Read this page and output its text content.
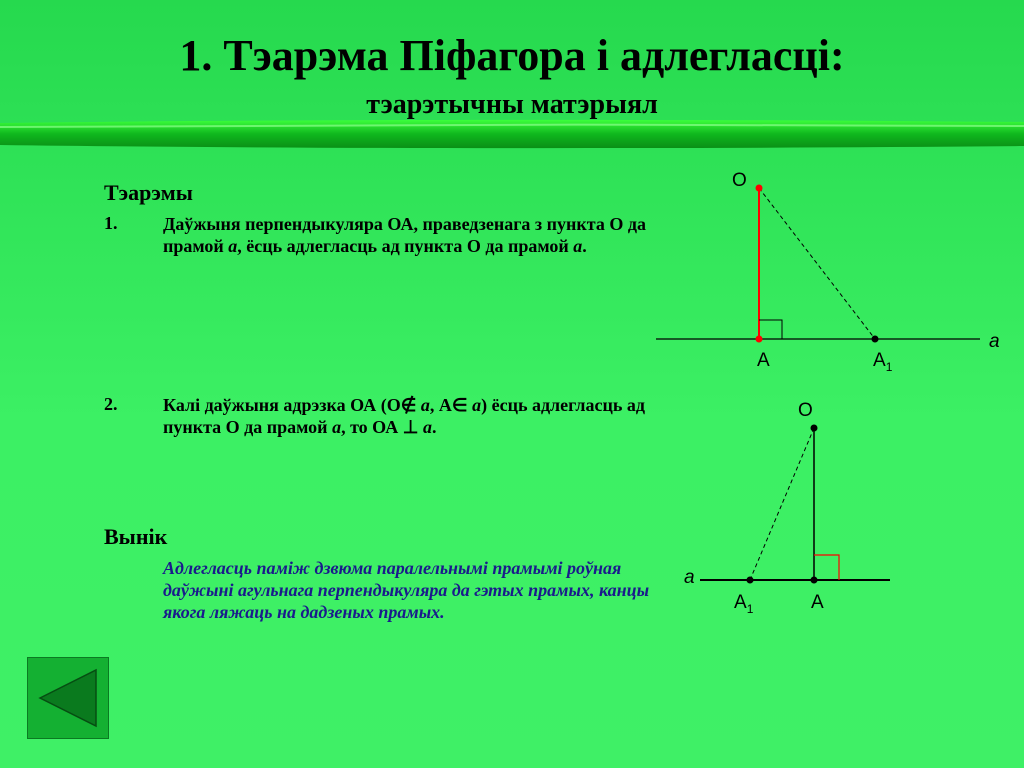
1. Тэарэма Піфагора і адлегласці:
тэарэтычны матэрыял
Тэарэмы
1.	Даўжыня перпендыкуляра ОА, праведзенага з пункта О да прамой a, ёсць адлегласць ад пункта О да прамой a.
2.	Калі даўжыня адрэзка ОА (О∉ a, А∈ a) ёсць адлегласць ад пункта О да прамой a, то ОА ⊥ a.
Вынік
Адлегласць паміж дзвюма паралельнымі прамымі роўная даўжыні агульнага перпендыкуляра да гэтых прамых, канцы якога ляжаць на дадзеных прамых.
O
A	$A_1$
a
O
A
$A_1$
a
